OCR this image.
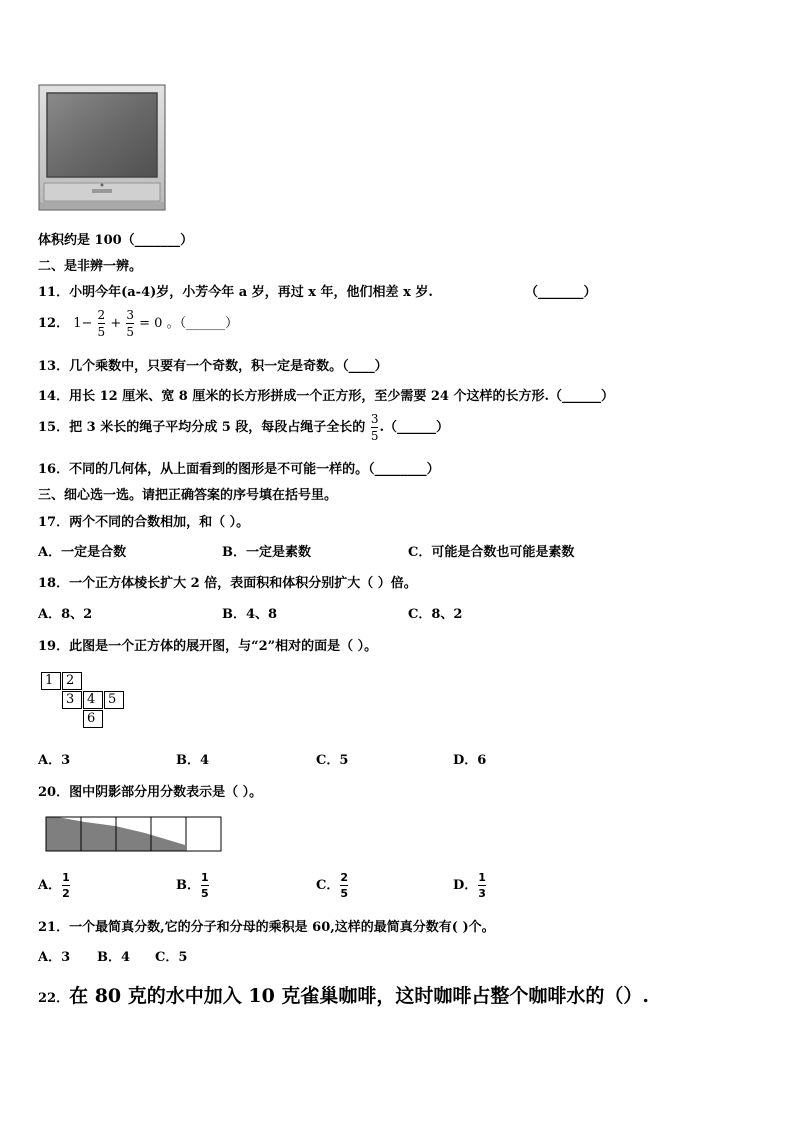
体积约是 100（_______）
二、是非辨一辨。
11．小明今年(a-4)岁，小芳今年 a 岁，再过 x 年，他们相差 x 岁.	（_______）
12． $1- \frac{2}{5} + \frac{3}{5} = 0$ 。（______）
13．几个乘数中，只要有一个奇数，积一定是奇数。（____）
14．用长 12 厘米、宽 8 厘米的长方形拼成一个正方形，至少需要 24 个这样的长方形.（______）
15．把 3 米长的绳子平均分成 5 段，每段占绳子全长的 $\frac{3}{5}$ .（______）
16．不同的几何体，从上面看到的图形是不可能一样的。（________）
三、细心选一选。请把正确答案的序号填在括号里。
17．两个不同的合数相加，和（ ）。
A．一定是合数	B．一定是素数	C．可能是合数也可能是素数
18．一个正方体棱长扩大 2 倍，表面积和体积分别扩大（ ）倍。
A．8、2	B．4、8	C．8、2
19．此图是一个正方体的展开图，与“2”相对的面是（ ）。
1 2
3 4 5
6
A．3	B．4	C．5	D．6
20．图中阴影部分用分数表示是（ ）。
A． $\frac{1}{2}$	B． $\frac{1}{5}$	C． $\frac{2}{5}$	D． $\frac{1}{3}$
21．一个最简真分数,它的分子和分母的乘积是 60,这样的最简真分数有( )个。
A．3 B．4 C．5
22．在 80 克的水中加入 10 克雀巢咖啡，这时咖啡占整个咖啡水的（）.
